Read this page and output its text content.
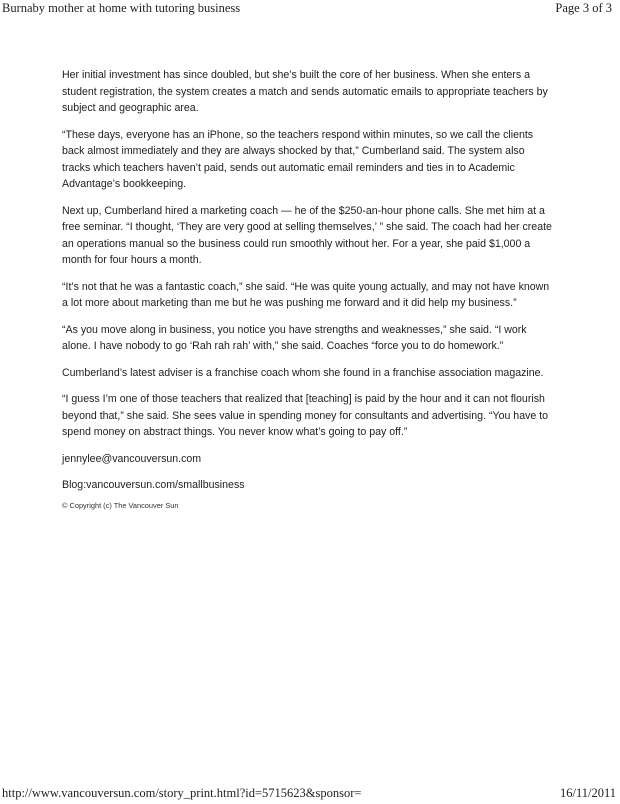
Burnaby mother at home with tutoring business	Page 3 of 3

Her initial investment has since doubled, but she’s built the core of her business. When she enters a student registration, the system creates a match and sends automatic emails to appropriate teachers by subject and geographic area.

“These days, everyone has an iPhone, so the teachers respond within minutes, so we call the clients back almost immediately and they are always shocked by that,” Cumberland said. The system also tracks which teachers haven’t paid, sends out automatic email reminders and ties in to Academic Advantage’s bookkeeping.

Next up, Cumberland hired a marketing coach — he of the $250-an-hour phone calls. She met him at a free seminar. “I thought, ‘They are very good at selling themselves,’ ” she said. The coach had her create an operations manual so the business could run smoothly without her. For a year, she paid $1,000 a month for four hours a month.

“It’s not that he was a fantastic coach,” she said. “He was quite young actually, and may not have known a lot more about marketing than me but he was pushing me forward and it did help my business.”

“As you move along in business, you notice you have strengths and weaknesses,” she said. “I work alone. I have nobody to go ‘Rah rah rah’ with,” she said. Coaches “force you to do homework.”

Cumberland’s latest adviser is a franchise coach whom she found in a franchise association magazine.

“I guess I’m one of those teachers that realized that [teaching] is paid by the hour and it can not flourish beyond that,” she said. She sees value in spending money for consultants and advertising. “You have to spend money on abstract things. You never know what’s going to pay off.”

jennylee@vancouversun.com

Blog:vancouversun.com/smallbusiness

© Copyright (c) The Vancouver Sun

http://www.vancouversun.com/story_print.html?id=5715623&sponsor=	16/11/2011
